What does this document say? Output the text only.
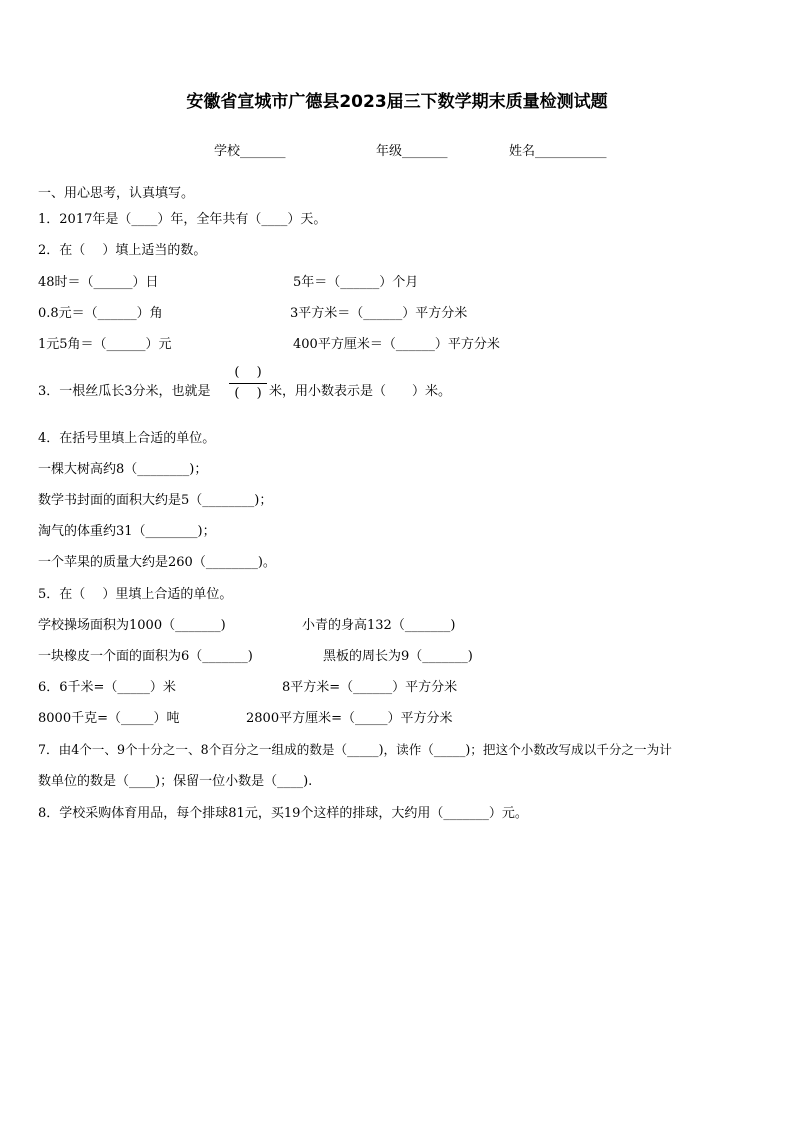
安徽省宣城市广德县2023届三下数学期末质量检测试题
学校_______	年级_______	姓名___________
一、用心思考，认真填写。
1．2017年是（____）年，全年共有（____）天。
2．在（　 ）填上适当的数。
48时＝（______）日	5年＝（______）个月
0.8元＝（______）角	3平方米＝（______）平方分米
1元5角＝（______）元	400平方厘米＝（______）平方分米
3．一根丝瓜长3分米，也就是
(　 )
(　 ) 米，用小数表示是（　　）米。
4．在括号里填上合适的单位。
一棵大树高约8（________)；
数学书封面的面积大约是5（________)；
淘气的体重约31（________)；
一个苹果的质量大约是260（________)。
5．在（　 ）里填上合适的单位。
学校操场面积为1000（_______)	小青的身高132（_______)
一块橡皮一个面的面积为6（_______)	黑板的周长为9（_______)
6．6千米=（_____）米	8平方米=（______）平方分米
8000千克=（_____）吨	2800平方厘米=（_____）平方分米
7．由4个一、9个十分之一、8个百分之一组成的数是（_____)，读作（_____)；把这个小数改写成以千分之一为计
数单位的数是（____)；保留一位小数是（____).
8．学校采购体育用品，每个排球81元，买19个这样的排球，大约用（_______）元。
